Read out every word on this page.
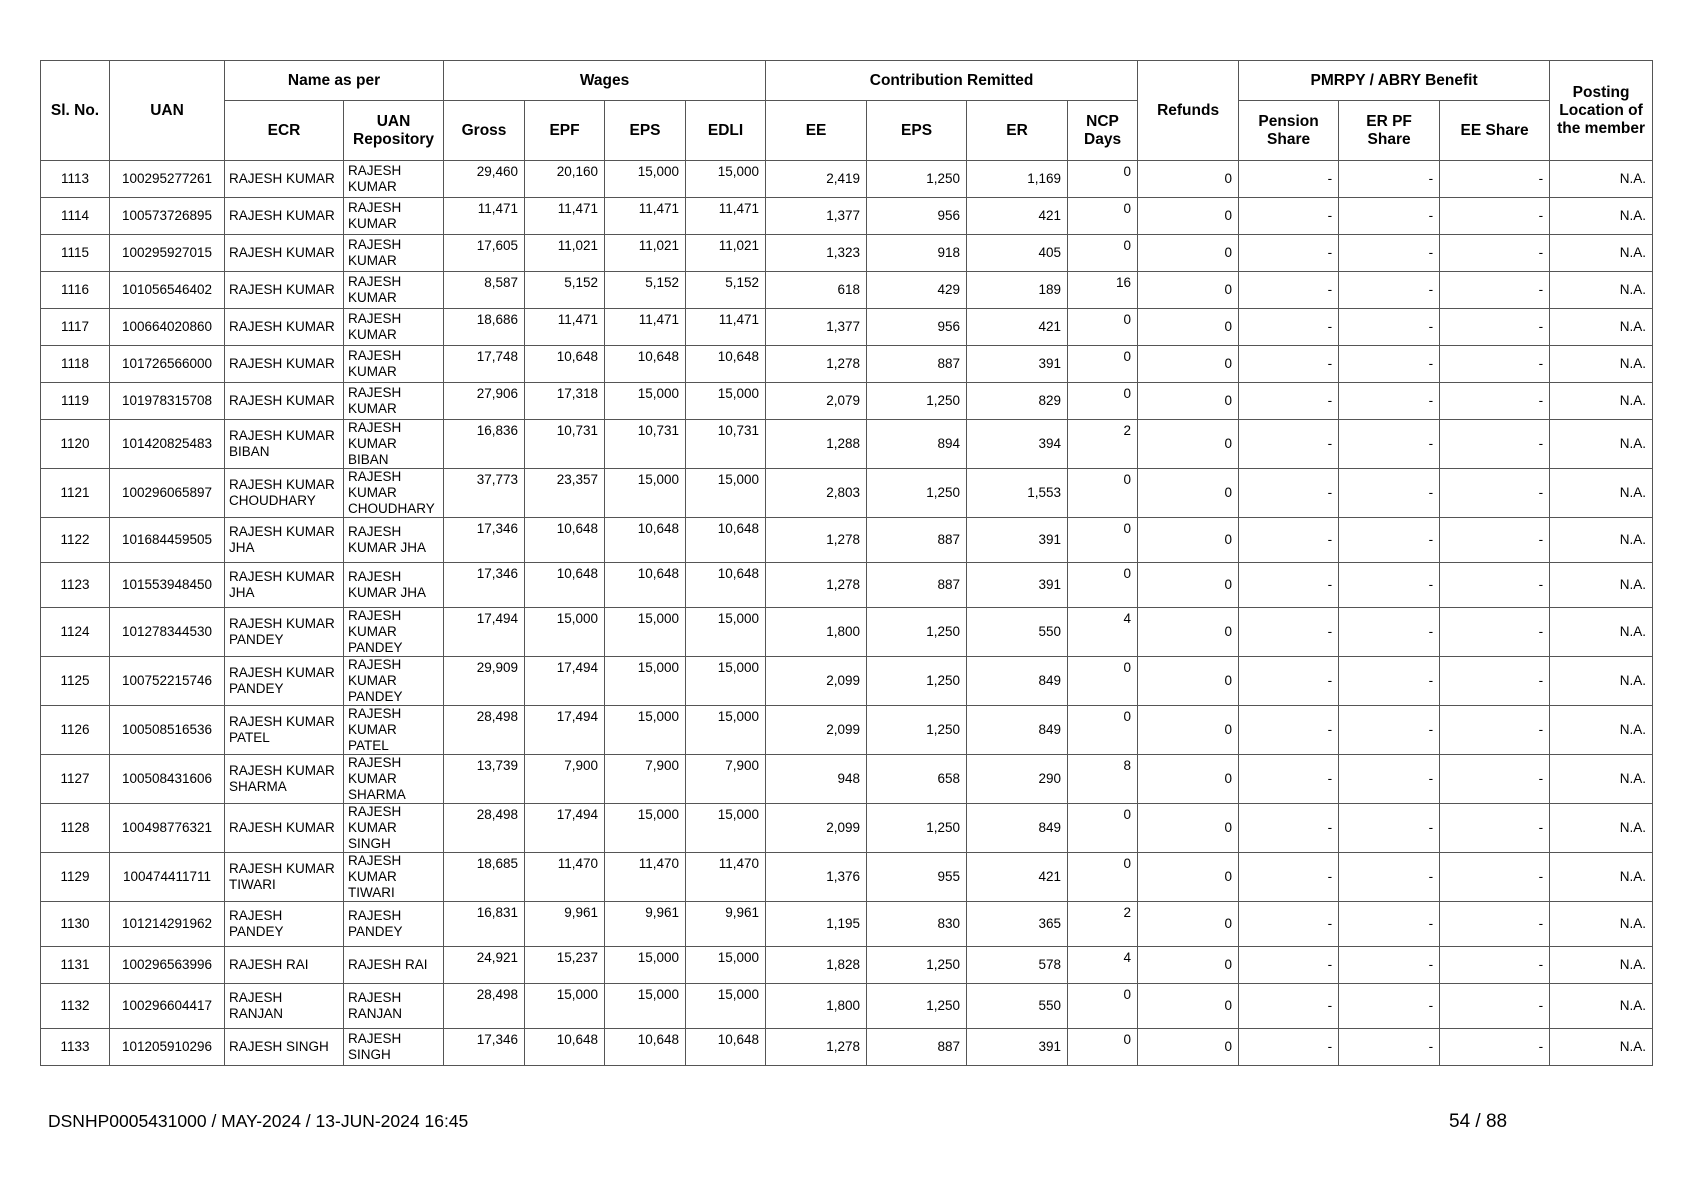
Sl. No.	UAN	Name as per		Wages				Contribution Remitted				Refunds	PMRPY / ABRY Benefit			Posting Location of the member
		ECR	UAN Repository	Gross	EPF	EPS	EDLI	EE	EPS	ER	NCP Days		Pension Share	ER PF Share	EE Share	
1113	100295277261	RAJESH KUMAR	RAJESH KUMAR	29,460	20,160	15,000	15,000	2,419	1,250	1,169	0	0	-	-	-	N.A.
1114	100573726895	RAJESH KUMAR	RAJESH KUMAR	11,471	11,471	11,471	11,471	1,377	956	421	0	0	-	-	-	N.A.
1115	100295927015	RAJESH KUMAR	RAJESH KUMAR	17,605	11,021	11,021	11,021	1,323	918	405	0	0	-	-	-	N.A.
1116	101056546402	RAJESH KUMAR	RAJESH KUMAR	8,587	5,152	5,152	5,152	618	429	189	16	0	-	-	-	N.A.
1117	100664020860	RAJESH KUMAR	RAJESH KUMAR	18,686	11,471	11,471	11,471	1,377	956	421	0	0	-	-	-	N.A.
1118	101726566000	RAJESH KUMAR	RAJESH KUMAR	17,748	10,648	10,648	10,648	1,278	887	391	0	0	-	-	-	N.A.
1119	101978315708	RAJESH KUMAR	RAJESH KUMAR	27,906	17,318	15,000	15,000	2,079	1,250	829	0	0	-	-	-	N.A.
1120	101420825483	RAJESH KUMAR BIBAN	RAJESH KUMAR BIBAN	16,836	10,731	10,731	10,731	1,288	894	394	2	0	-	-	-	N.A.
1121	100296065897	RAJESH KUMAR CHOUDHARY	RAJESH KUMAR CHOUDHARY	37,773	23,357	15,000	15,000	2,803	1,250	1,553	0	0	-	-	-	N.A.
1122	101684459505	RAJESH KUMAR JHA	RAJESH KUMAR JHA	17,346	10,648	10,648	10,648	1,278	887	391	0	0	-	-	-	N.A.
1123	101553948450	RAJESH KUMAR JHA	RAJESH KUMAR JHA	17,346	10,648	10,648	10,648	1,278	887	391	0	0	-	-	-	N.A.
1124	101278344530	RAJESH KUMAR PANDEY	RAJESH KUMAR PANDEY	17,494	15,000	15,000	15,000	1,800	1,250	550	4	0	-	-	-	N.A.
1125	100752215746	RAJESH KUMAR PANDEY	RAJESH KUMAR PANDEY	29,909	17,494	15,000	15,000	2,099	1,250	849	0	0	-	-	-	N.A.
1126	100508516536	RAJESH KUMAR PATEL	RAJESH KUMAR PATEL	28,498	17,494	15,000	15,000	2,099	1,250	849	0	0	-	-	-	N.A.
1127	100508431606	RAJESH KUMAR SHARMA	RAJESH KUMAR SHARMA	13,739	7,900	7,900	7,900	948	658	290	8	0	-	-	-	N.A.
1128	100498776321	RAJESH KUMAR	RAJESH KUMAR SINGH	28,498	17,494	15,000	15,000	2,099	1,250	849	0	0	-	-	-	N.A.
1129	100474411711	RAJESH KUMAR TIWARI	RAJESH KUMAR TIWARI	18,685	11,470	11,470	11,470	1,376	955	421	0	0	-	-	-	N.A.
1130	101214291962	RAJESH PANDEY	RAJESH PANDEY	16,831	9,961	9,961	9,961	1,195	830	365	2	0	-	-	-	N.A.
1131	100296563996	RAJESH RAI	RAJESH RAI	24,921	15,237	15,000	15,000	1,828	1,250	578	4	0	-	-	-	N.A.
1132	100296604417	RAJESH RANJAN	RAJESH RANJAN	28,498	15,000	15,000	15,000	1,800	1,250	550	0	0	-	-	-	N.A.
1133	101205910296	RAJESH SINGH	RAJESH SINGH	17,346	10,648	10,648	10,648	1,278	887	391	0	0	-	-	-	N.A.
DSNHP0005431000 / MAY-2024 / 13-JUN-2024 16:45	54 / 88
